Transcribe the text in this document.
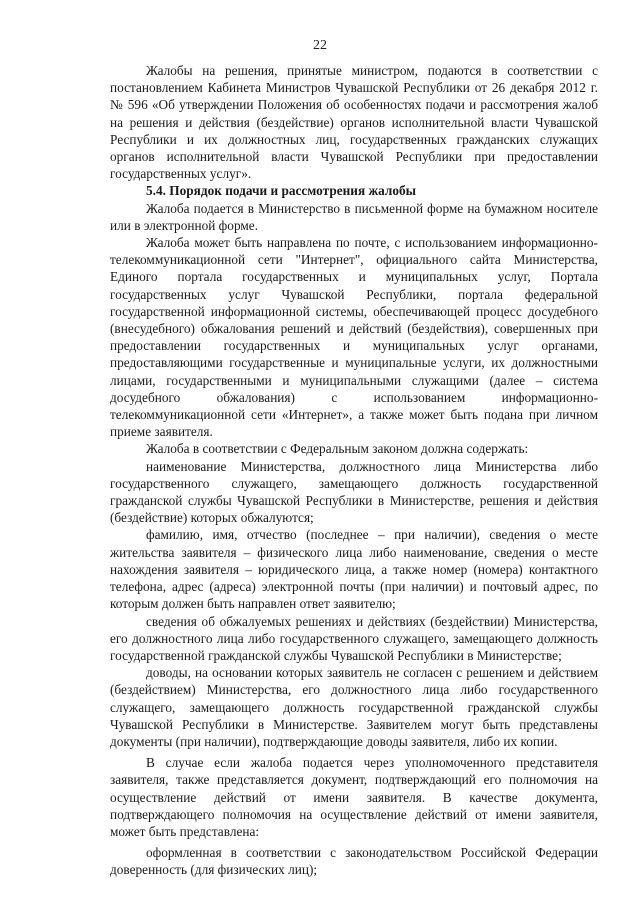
22

Жалобы на решения, принятые министром, подаются в соответствии с постановлением Кабинета Министров Чувашской Республики от 26 декабря 2012 г. № 596 «Об утверждении Положения об особенностях подачи и рассмотрения жалоб на решения и действия (бездействие) органов исполнительной власти Чувашской Республики и их должностных лиц, государственных гражданских служащих органов исполнительной власти Чувашской Республики при предоставлении государственных услуг».

5.4. Порядок подачи и рассмотрения жалобы

Жалоба подается в Министерство в письменной форме на бумажном носителе или в электронной форме.

Жалоба может быть направлена по почте, с использованием информационно-телекоммуникационной сети "Интернет", официального сайта Министерства, Единого портала государственных и муниципальных услуг, Портала государственных услуг Чувашской Республики, портала федеральной государственной информационной системы, обеспечивающей процесс досудебного (внесудебного) обжалования решений и действий (бездействия), совершенных при предоставлении государственных и муниципальных услуг органами, предоставляющими государственные и муниципальные услуги, их должностными лицами, государственными и муниципальными служащими (далее – система досудебного обжалования) с использованием информационно-телекоммуникационной сети «Интернет», а также может быть подана при личном приеме заявителя.

Жалоба в соответствии с Федеральным законом должна содержать:

наименование Министерства, должностного лица Министерства либо государственного служащего, замещающего должность государственной гражданской службы Чувашской Республики в Министерстве, решения и действия (бездействие) которых обжалуются;

фамилию, имя, отчество (последнее – при наличии), сведения о месте жительства заявителя – физического лица либо наименование, сведения о месте нахождения заявителя – юридического лица, а также номер (номера) контактного телефона, адрес (адреса) электронной почты (при наличии) и почтовый адрес, по которым должен быть направлен ответ заявителю;

сведения об обжалуемых решениях и действиях (бездействии) Министерства, его должностного лица либо государственного служащего, замещающего должность государственной гражданской службы Чувашской Республики в Министерстве;

доводы, на основании которых заявитель не согласен с решением и действием (бездействием) Министерства, его должностного лица либо государственного служащего, замещающего должность государственной гражданской службы Чувашской Республики в Министерстве. Заявителем могут быть представлены документы (при наличии), подтверждающие доводы заявителя, либо их копии.

В случае если жалоба подается через уполномоченного представителя заявителя, также представляется документ, подтверждающий его полномочия на осуществление действий от имени заявителя. В качестве документа, подтверждающего полномочия на осуществление действий от имени заявителя, может быть представлена:

оформленная в соответствии с законодательством Российской Федерации доверенность (для физических лиц);
